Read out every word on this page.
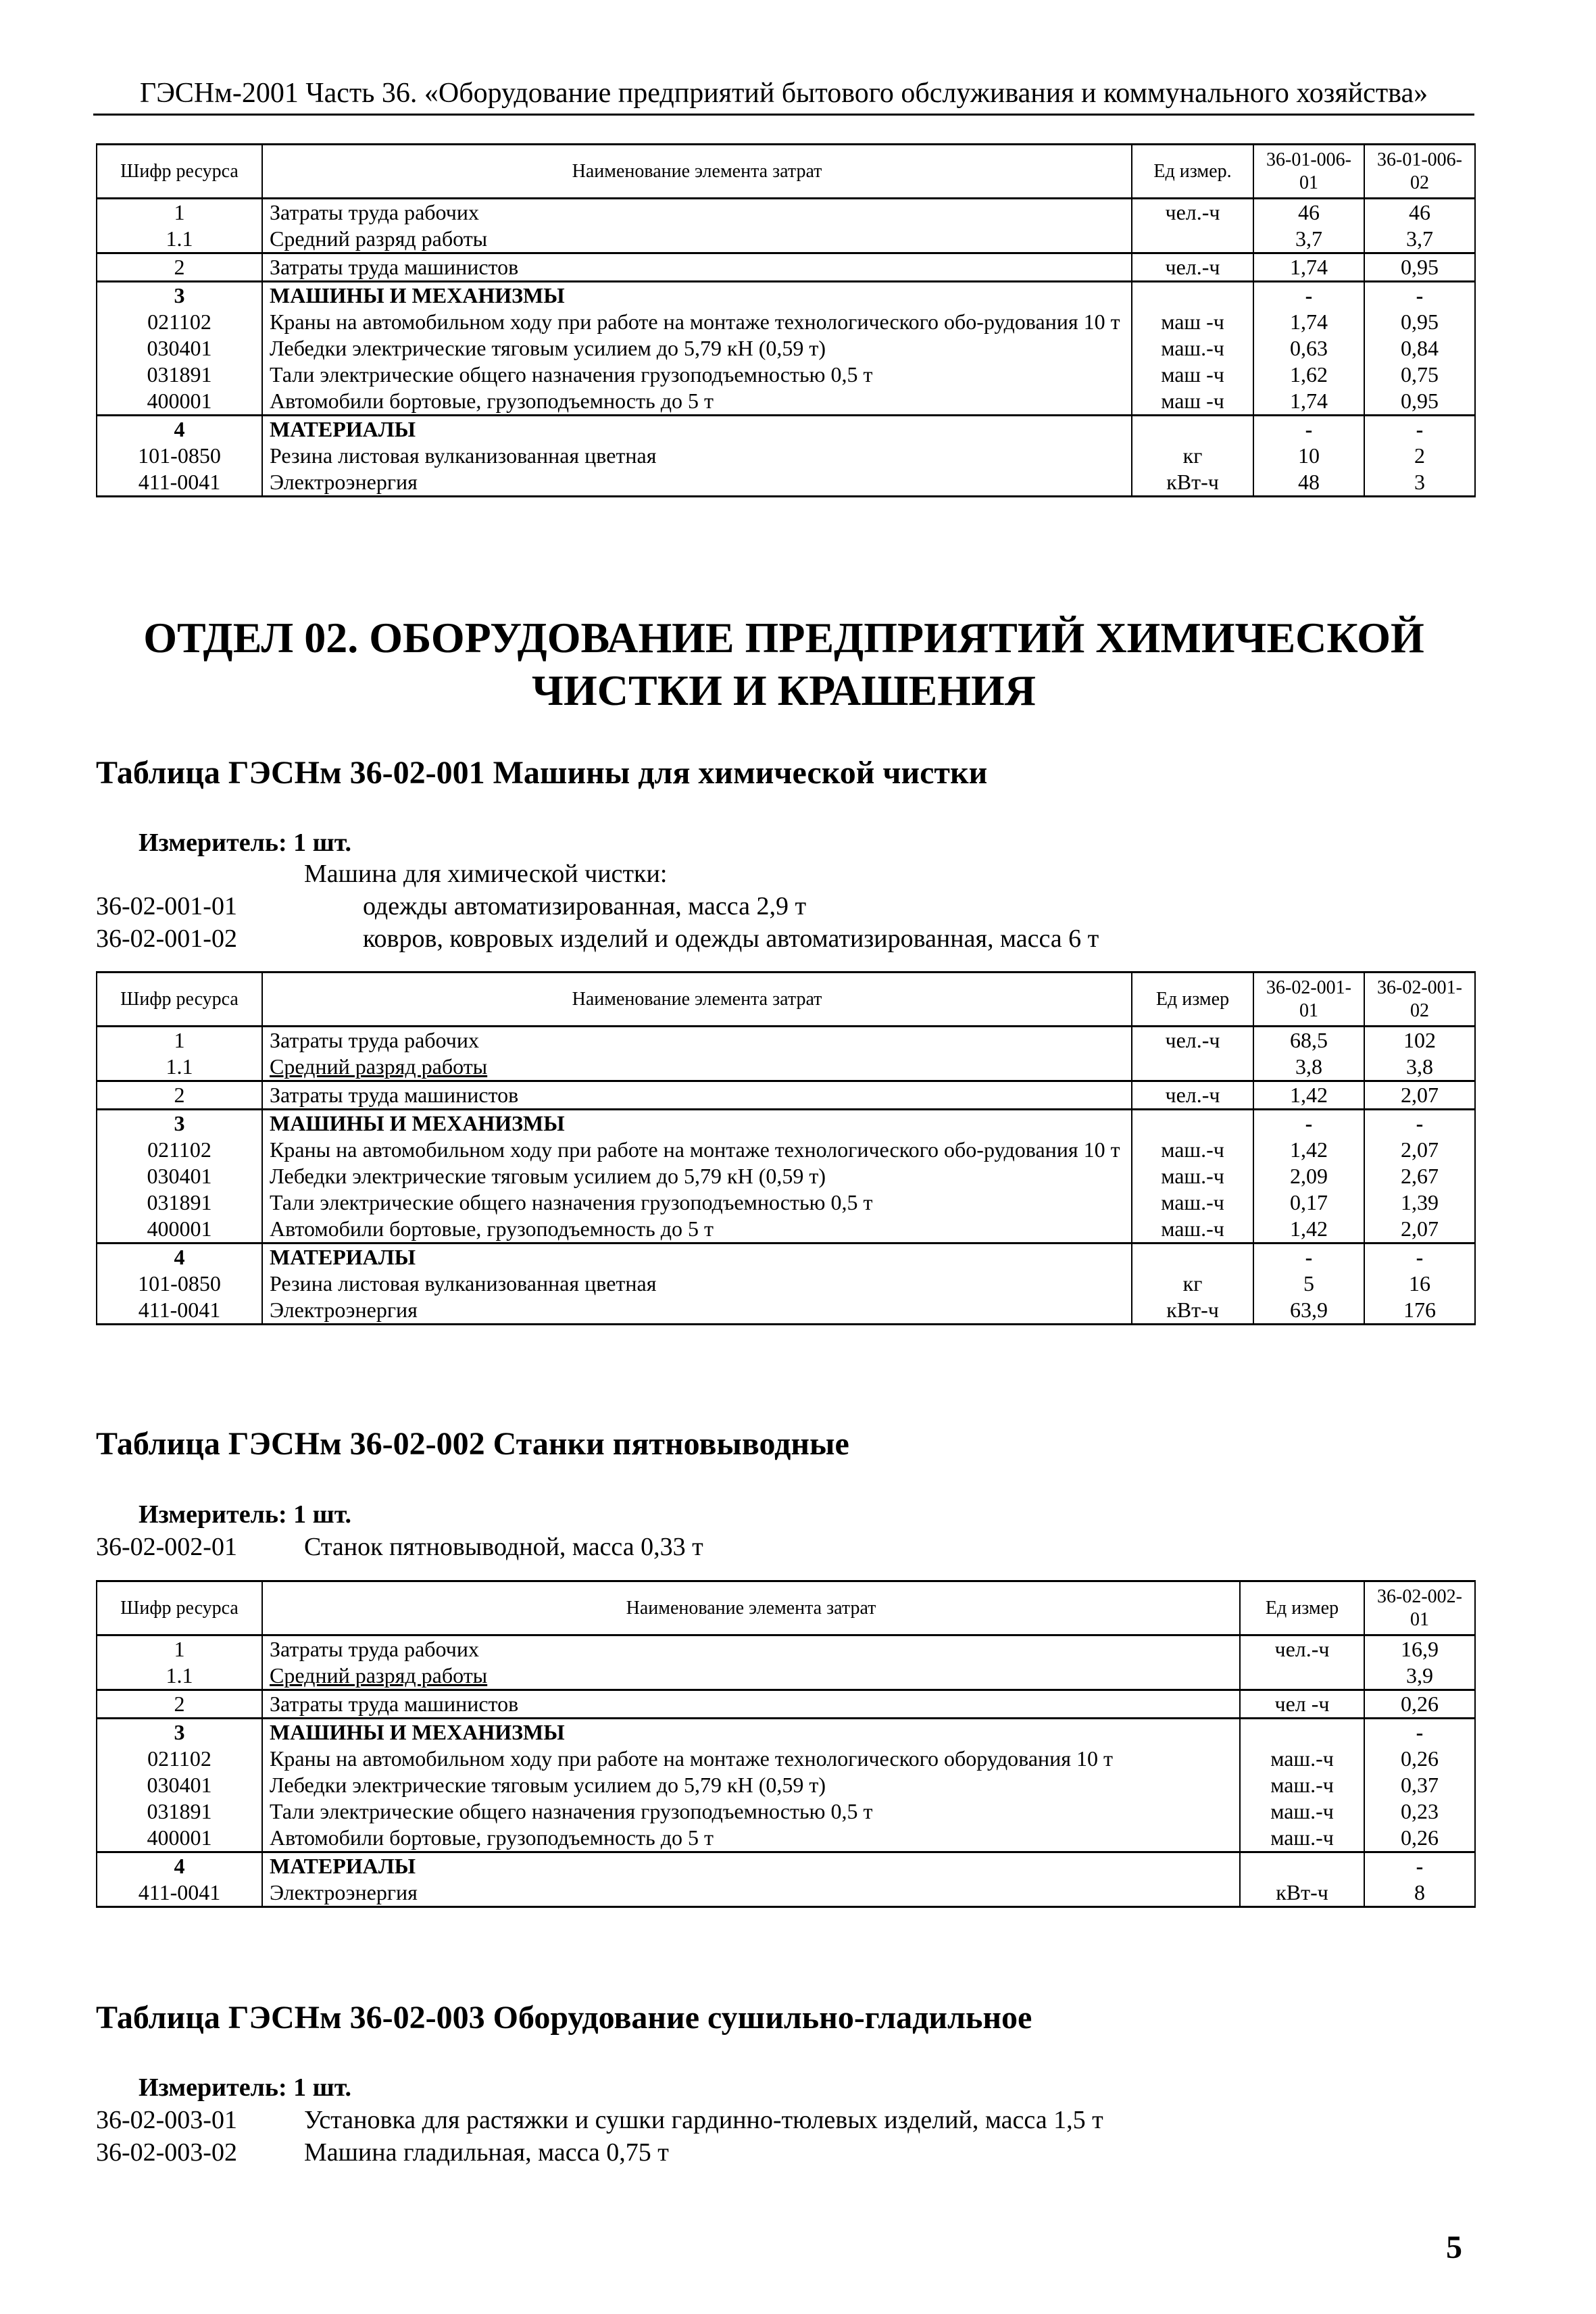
ГЭСНм-2001 Часть 36. «Оборудование предприятий бытового обслуживания и коммунального хозяйства»
Шифр ресурса	Наименование элемента затрат	Ед измер.	36-01-006-01	36-01-006-02
1	Затраты труда рабочих	чел.-ч	46	46
1.1	Средний разряд работы		3,7	3,7
2	Затраты труда машинистов	чел.-ч	1,74	0,95
3	МАШИНЫ И МЕХАНИЗМЫ		-	-
021102	Краны на автомобильном ходу при работе на монтаже технологического обо-рудования 10 т	маш -ч	1,74	0,95
030401	Лебедки электрические тяговым усилием до 5,79 кН (0,59 т)	маш.-ч	0,63	0,84
031891	Тали электрические общего назначения грузоподъемностью 0,5 т	маш -ч	1,62	0,75
400001	Автомобили бортовые, грузоподъемность до 5 т	маш -ч	1,74	0,95
4	МАТЕРИАЛЫ		-	-
101-0850	Резина листовая вулканизованная цветная	кг	10	2
411-0041	Электроэнергия	кВт-ч	48	3
ОТДЕЛ 02. ОБОРУДОВАНИЕ ПРЕДПРИЯТИЙ ХИМИЧЕСКОЙ ЧИСТКИ И КРАШЕНИЯ
Таблица ГЭСНм 36-02-001 Машины для химической чистки
Измеритель: 1 шт.
Машина для химической чистки:
36-02-001-01	одежды автоматизированная, масса 2,9 т
36-02-001-02	ковров, ковровых изделий и одежды автоматизированная, масса 6 т
Шифр ресурса	Наименование элемента затрат	Ед измер	36-02-001-01	36-02-001-02
1	Затраты труда рабочих	чел.-ч	68,5	102
1.1	Средний разряд работы		3,8	3,8
2	Затраты труда машинистов	чел.-ч	1,42	2,07
3	МАШИНЫ И МЕХАНИЗМЫ		-	-
021102	Краны на автомобильном ходу при работе на монтаже технологического обо-рудования 10 т	маш.-ч	1,42	2,07
030401	Лебедки электрические тяговым усилием до 5,79 кН (0,59 т)	маш.-ч	2,09	2,67
031891	Тали электрические общего назначения грузоподъемностью 0,5 т	маш.-ч	0,17	1,39
400001	Автомобили бортовые, грузоподъемность до 5 т	маш.-ч	1,42	2,07
4	МАТЕРИАЛЫ		-	-
101-0850	Резина листовая вулканизованная цветная	кг	5	16
411-0041	Электроэнергия	кВт-ч	63,9	176
Таблица ГЭСНм 36-02-002 Станки пятновыводные
Измеритель: 1 шт.
36-02-002-01	Станок пятновыводной, масса 0,33 т
Шифр ресурса	Наименование элемента затрат	Ед измер	36-02-002-01
1	Затраты труда рабочих	чел.-ч	16,9
1.1	Средний разряд работы		3,9
2	Затраты труда машинистов	чел -ч	0,26
3	МАШИНЫ И МЕХАНИЗМЫ		-
021102	Краны на автомобильном ходу при работе на монтаже технологического оборудования 10 т	маш.-ч	0,26
030401	Лебедки электрические тяговым усилием до 5,79 кН (0,59 т)	маш.-ч	0,37
031891	Тали электрические общего назначения грузоподъемностью 0,5 т	маш.-ч	0,23
400001	Автомобили бортовые, грузоподъемность до 5 т	маш.-ч	0,26
4	МАТЕРИАЛЫ		-
411-0041	Электроэнергия	кВт-ч	8
Таблица ГЭСНм 36-02-003 Оборудование сушильно-гладильное
Измеритель: 1 шт.
36-02-003-01	Установка для растяжки и сушки гардинно-тюлевых изделий, масса 1,5 т
36-02-003-02	Машина гладильная, масса 0,75 т
5
